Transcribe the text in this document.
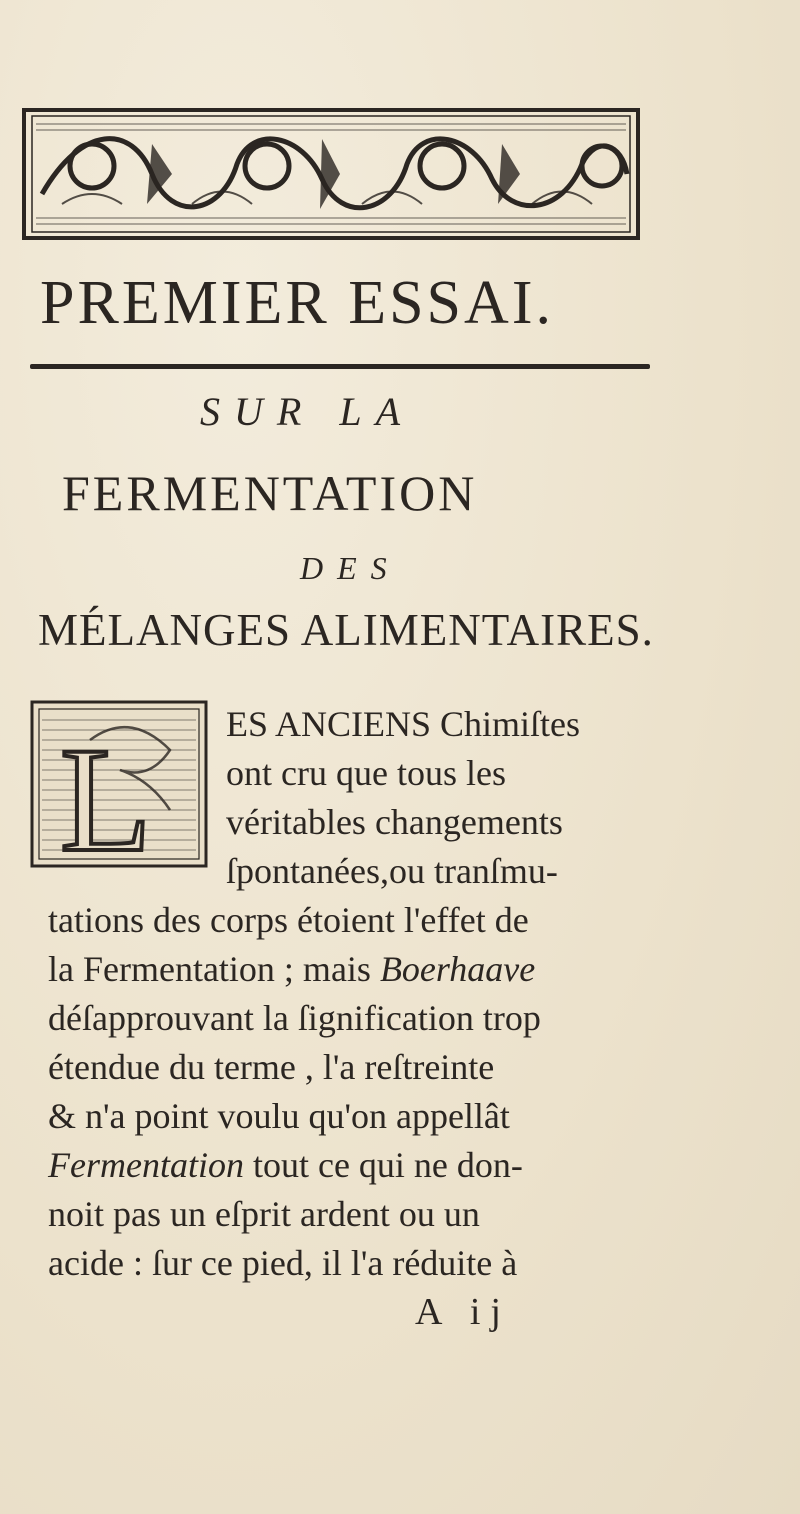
PREMIER ESSAI.
SUR LA
FERMENTATION
DES
MÉLANGES ALIMENTAIRES.
L	ES ANCIENS Chimiſtes
ont cru que tous les
véritables changements
ſpontanées,ou tranſmu-
tations des corps étoient l'effet de
la Fermentation ; mais Boerhaave
déſapprouvant la ſignification trop
étendue du terme , l'a reſtreinte
& n'a point voulu qu'on appellât
Fermentation tout ce qui ne don-
noit pas un eſprit ardent ou un
acide : ſur ce pied, il l'a réduite à
A ij
